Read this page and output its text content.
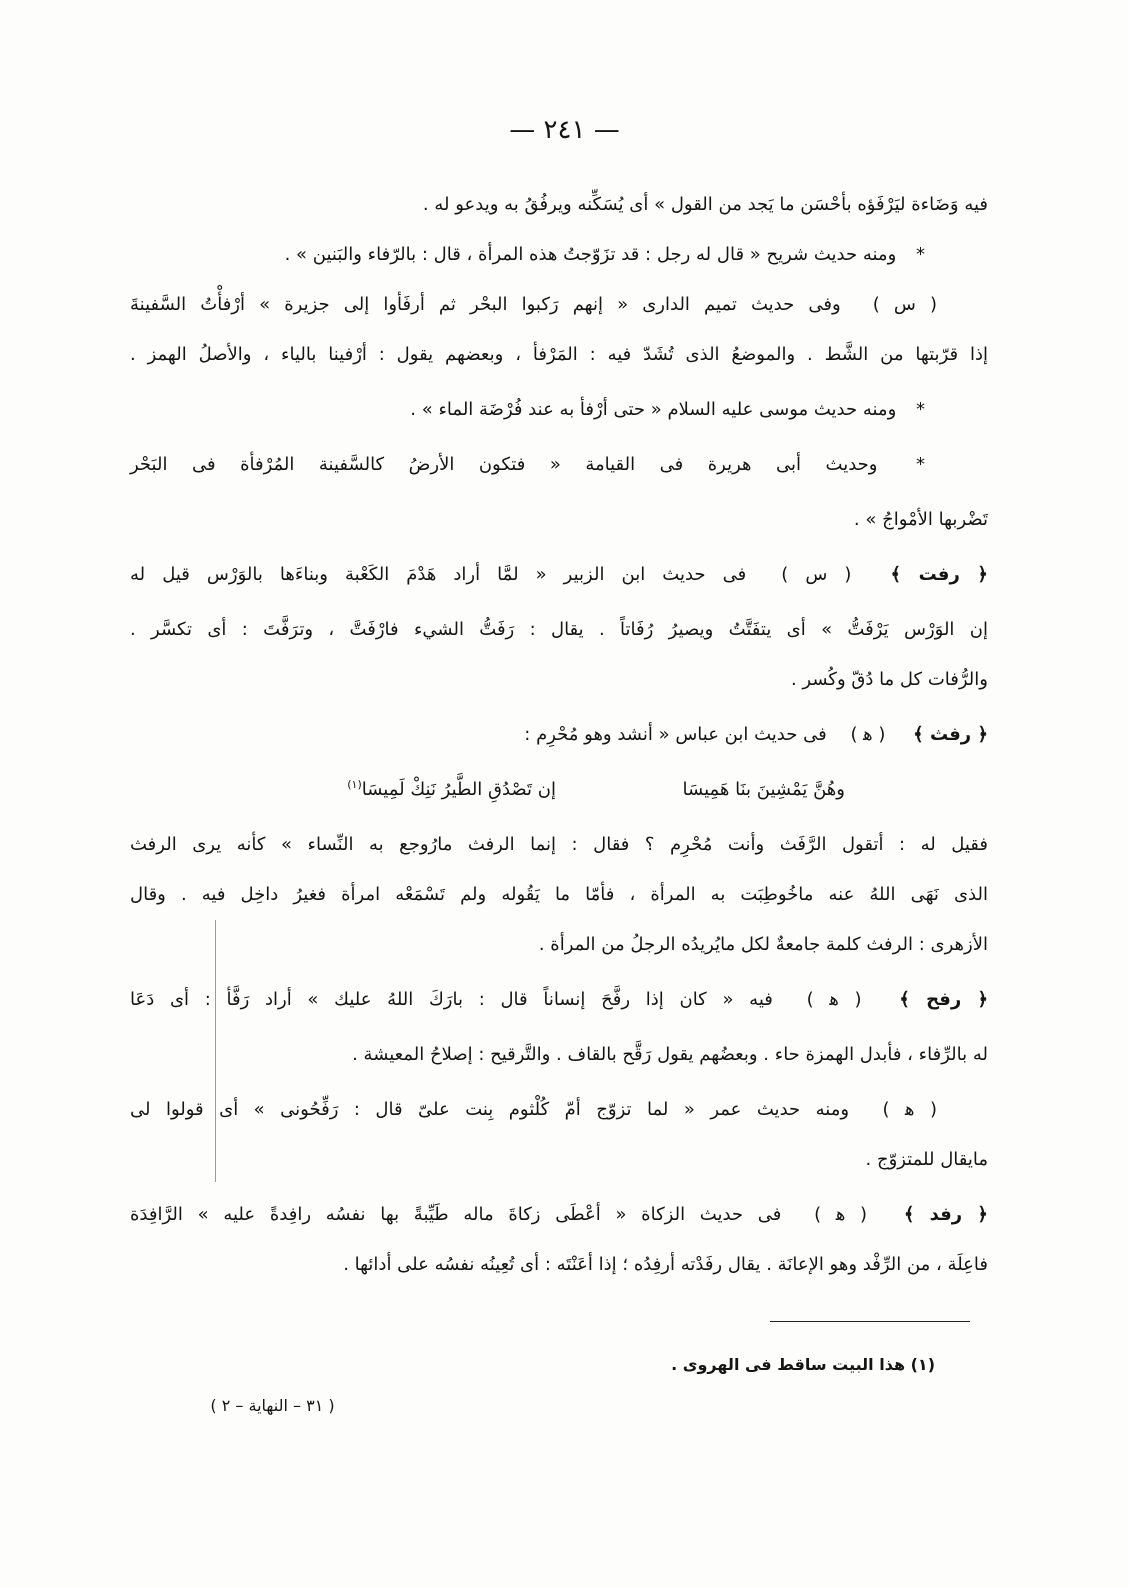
— ٢٤١ —
فيه وَضَاءة ليَرْفَؤه بأحْسَن ما يَجد من القول » أى يُسَكِّنه ويرفُقُ به ويدعو له .
* ومنه حديث شريح « قال له رجل : قد تزَوّجتُ هذه المرأة ، قال : بالرّفاء والبَنين » .
( س ) وفى حديث تميم الدارى « إنهم رَكبوا البحْر ثم أرفَأوا إلى جزيرة » أرْفأْتُ السَّفينةَ
إذا قرّبتها من الشَّط . والموضعُ الذى تُشَدّ فيه : المَرْفأ ، وبعضهم يقول : أرْفينا بالياء ، والأصلُ الهمز .
* ومنه حديث موسى عليه السلام « حتى أرْفأ به عند فُرْضَة الماء » .
* وحديث أبى هريرة فى القيامة « فتكون الأرضُ كالسَّفينة المُرْفأة فى البَحْر
تَضْربها الأمْواجُ » .
﴿ رفت ﴾ ( س ) فى حديث ابن الزبير « لمَّا أراد هَدْمَ الكَعْبة وبناءَها بالوَرْس قيل له
إن الوَرْس يَرْفَتُّ » أى يتفَتَّتُ ويصيرُ رُفَاتاً . يقال : رَفَتُّ الشيء فارْفَتَّ ، وترَفَّتَ : أى تكسَّر .
والرُّفات كل ما دُقّ وكُسر .
﴿ رفث ﴾ ( ﻫ ) فى حديث ابن عباس « أنشد وهو مُحْرِم :
وهُنَّ يَمْشِينَ بنَا هَمِيسَا
إن تَصْدُقِ الطَّيرُ نَنِكْ لَمِيسَا$^{(١)}$
فقيل له : أتقول الرَّفَث وأنت مُحْرِم ؟ فقال : إنما الرفث مارُوجع به النِّساء » كأنه يرى الرفث
الذى نَهَى اللهُ عنه ماخُوطِبَت به المرأة ، فأمّا ما يَقُوله ولم تَسْمَعْه امرأة فغيرُ داخِل فيه . وقال
الأزهرى : الرفث كلمة جامعةٌ لكل مايُريدُه الرجلُ من المرأة .
﴿ رفح ﴾ ( ﻫ ) فيه « كان إذا رفَّحَ إنساناً قال : بارَكَ اللهُ عليك » أراد رَفَّأ : أى دَعَا
له بالرِّفاء ، فأبدل الهمزة حاء . وبعضُهم يقول رَقَّح بالقاف . والتَّرقيح : إصلاحُ المعيشة .
( ﻫ ) ومنه حديث عمر « لما تزوّج أمّ كُلْثوم بِنت علىّ قال : رَفِّحُونى » أى قولوا لى
مايقال للمتزوّج .
﴿ رفد ﴾ ( ﻫ ) فى حديث الزكاة « أعْطَى زكاةَ ماله طَيِّبةً بها نفسُه رافِدةً عليه » الرَّافِدَة
فاعِلَة ، من الرِّفْد وهو الإعانَة . يقال رفَدْته أرفِدُه ؛ إذا أعَنْتَه : أى تُعِينُه نفسُه على أدائها .
(١) هذا البيت ساقط فى الهروى .
( ٣١ – النهاية – ٢ )
